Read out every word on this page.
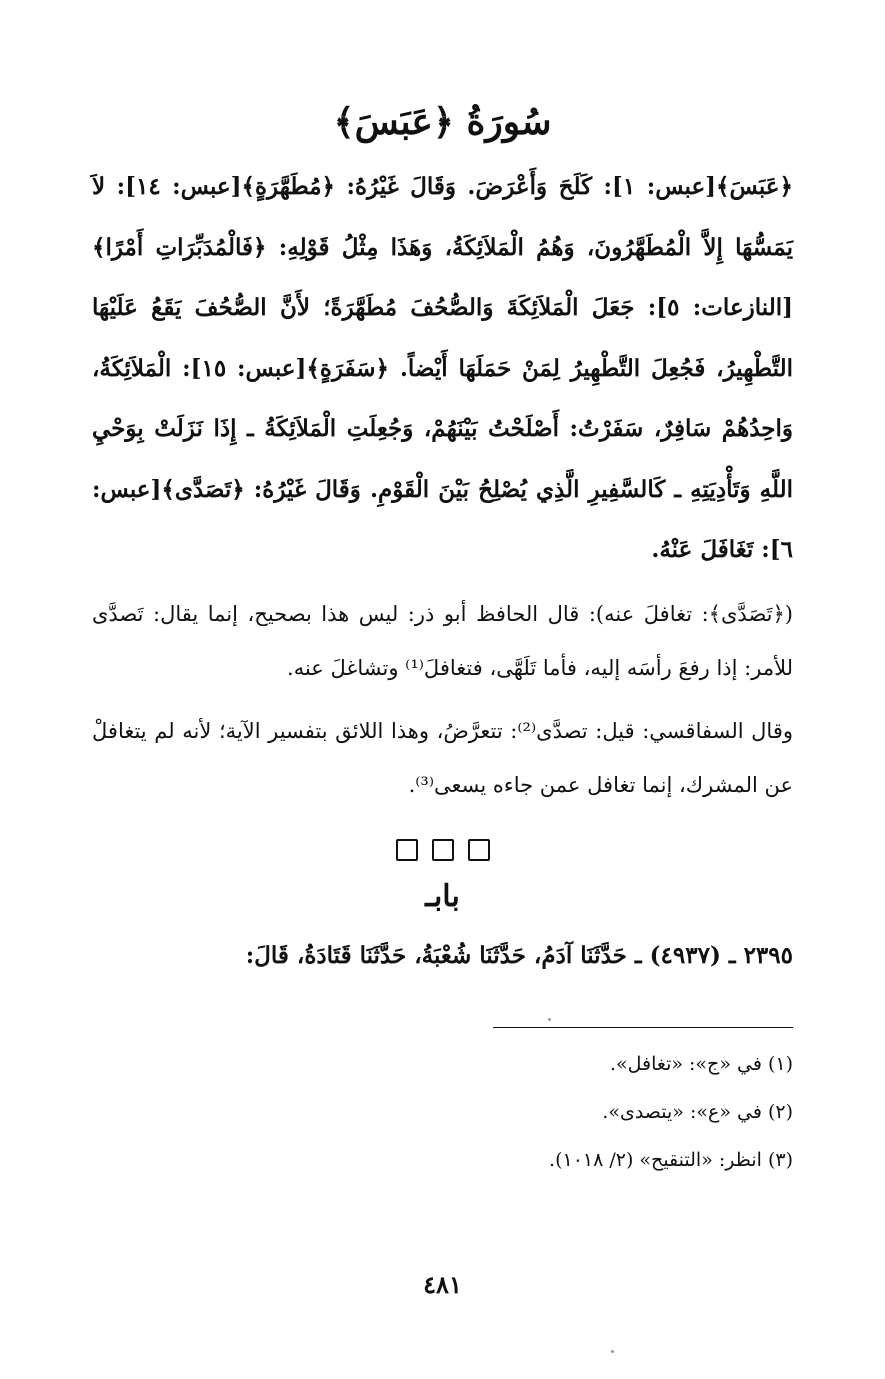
سُورَةُ ﴿عَبَسَ﴾

﴿عَبَسَ﴾[عبس: ١]: كَلَحَ وَأَعْرَضَ. وَقَالَ غَيْرُهُ: ﴿مُطَهَّرَةٍ﴾[عبس: ١٤]: لاَ يَمَسُّهَا إِلاَّ الْمُطَهَّرُونَ، وَهُمُ الْمَلاَئِكَةُ، وَهَذَا مِثْلُ قَوْلِهِ: ﴿فَالْمُدَبِّرَاتِ أَمْرًا﴾[النازعات: ٥]: جَعَلَ الْمَلاَئِكَةَ وَالصُّحُفَ مُطَهَّرَةً؛ لأَنَّ الصُّحُفَ يَقَعُ عَلَيْهَا التَّطْهِيرُ، فَجُعِلَ التَّطْهِيرُ لِمَنْ حَمَلَهَا أَيْضاً. ﴿سَفَرَةٍ﴾[عبس: ١٥]: الْمَلاَئِكَةُ، وَاحِدُهُمْ سَافِرٌ، سَفَرْتُ: أَصْلَحْتُ بَيْنَهُمْ، وَجُعِلَتِ الْمَلاَئِكَةُ ـ إِذَا نَزَلَتْ بِوَحْيِ اللَّهِ وَتَأْدِيَتِهِ ـ كَالسَّفِيرِ الَّذِي يُصْلِحُ بَيْنَ الْقَوْمِ. وَقَالَ غَيْرُهُ: ﴿تَصَدَّى﴾[عبس: ٦]: تَغَافَلَ عَنْهُ.

(﴿تَصَدَّى﴾: تغافلَ عنه): قال الحافظ أبو ذر: ليس هذا بصحيح، إنما يقال: تَصدَّى للأمر: إذا رفعَ رأسَه إليه، فأما تَلَهَّى، فتغافلَ⁽¹⁾ وتشاغلَ عنه.

وقال السفاقسي: قيل: تصدَّى⁽²⁾: تتعرَّضُ، وهذا اللائق بتفسير الآية؛ لأنه لم يتغافلْ عن المشرك، إنما تغافل عمن جاءه يسعى⁽³⁾.

بابـ

٢٣٩٥ ـ (٤٩٣٧) ـ حَدَّثَنَا آدَمُ، حَدَّثَنَا شُعْبَةُ، حَدَّثَنَا قَتَادَةُ، قَالَ:

(١) في «ج»: «تغافل».

(٢) في «ع»: «يتصدى».

(٣) انظر: «التنقيح» (٢/ ١٠١٨).

٤٨١
